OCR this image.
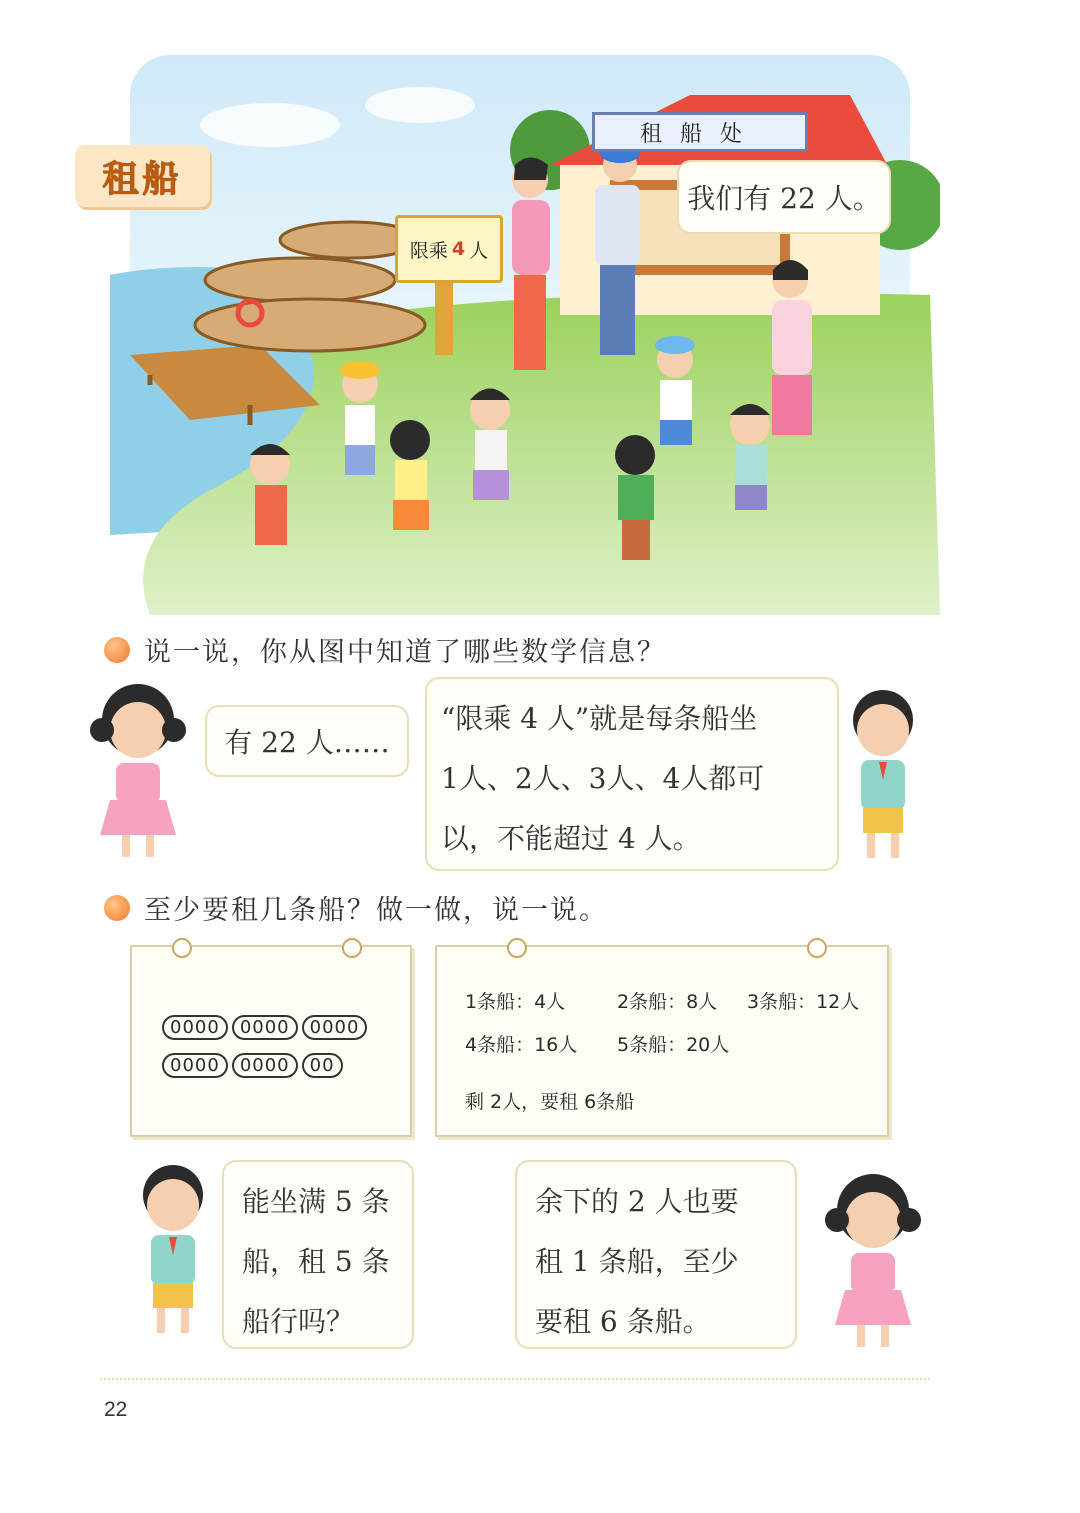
租船
租船处
限乘 4 人
我们有 22 人。
说一说，你从图中知道了哪些数学信息？
有 22 人……
“限乘 4 人”就是每条船坐
1人、2人、3人、4人都可
以，不能超过 4 人。
至少要租几条船？做一做，说一说。
0000	0000	0000
0000	0000	00
1条船：4人	2条船：8人 3条船：12人
4条船：16人 5条船：20人
剩 2人，要租 6条船
能坐满 5 条
船，租 5 条
船行吗？
余下的 2 人也要
租 1 条船，至少
要租 6 条船。
22
